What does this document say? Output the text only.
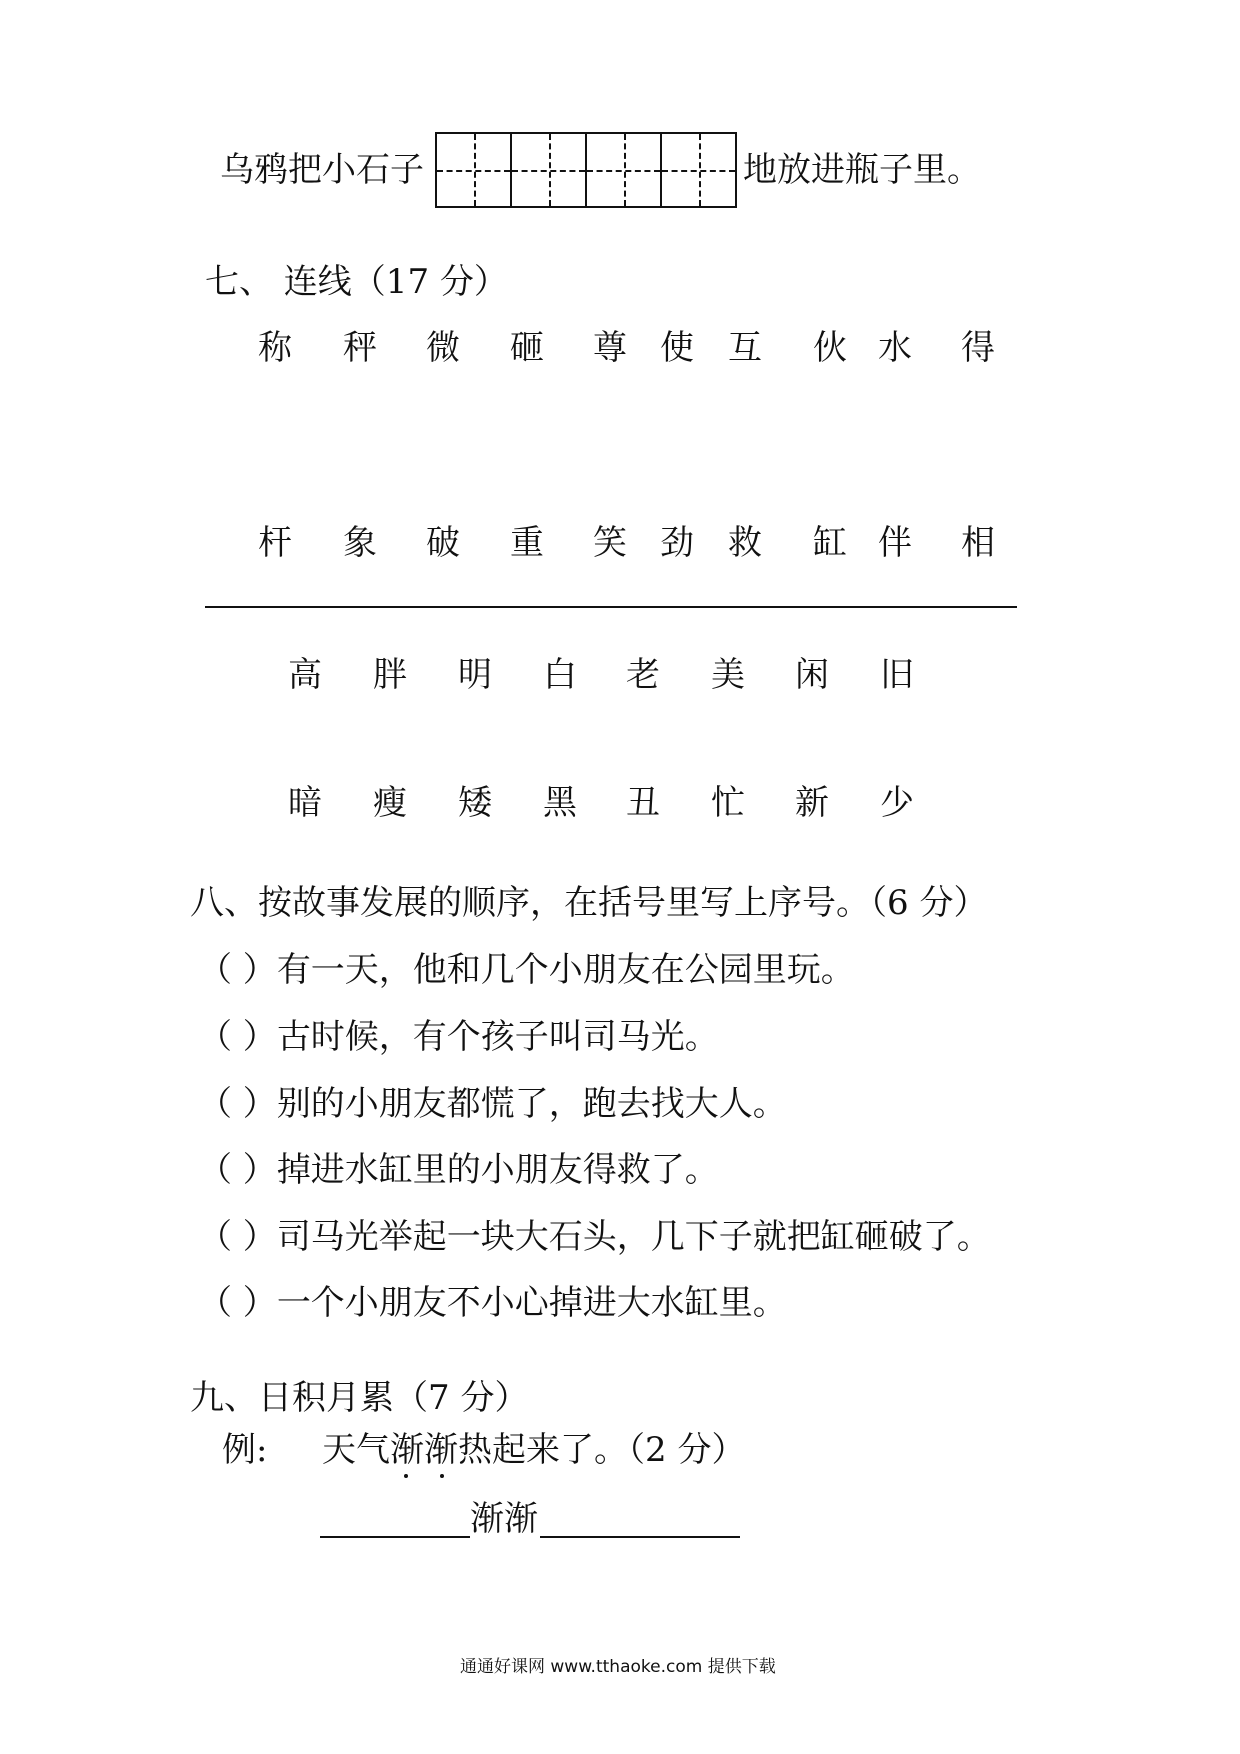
乌鸦把小石子	地放进瓶子里。
七、 连线（17 分）
称 秤 微 砸 尊 使 互 伙 水 得
杆 象 破 重 笑 劲 救 缸 伴 相
高 胖 明 白 老 美 闲 旧
暗 瘦 矮 黑 丑 忙 新 少
八、按故事发展的顺序，在括号里写上序号。（6 分）
（ ）有一天，他和几个小朋友在公园里玩。
（ ）古时候，有个孩子叫司马光。
（ ）别的小朋友都慌了，跑去找大人。
（ ）掉进水缸里的小朋友得救了。
（ ）司马光举起一块大石头，几下子就把缸砸破了。
（ ）一个小朋友不小心掉进大水缸里。
九、日积月累（7 分）
例: 天气渐渐热起来了。（2 分）
渐渐
通通好课网 www.tthaoke.com 提供下载
